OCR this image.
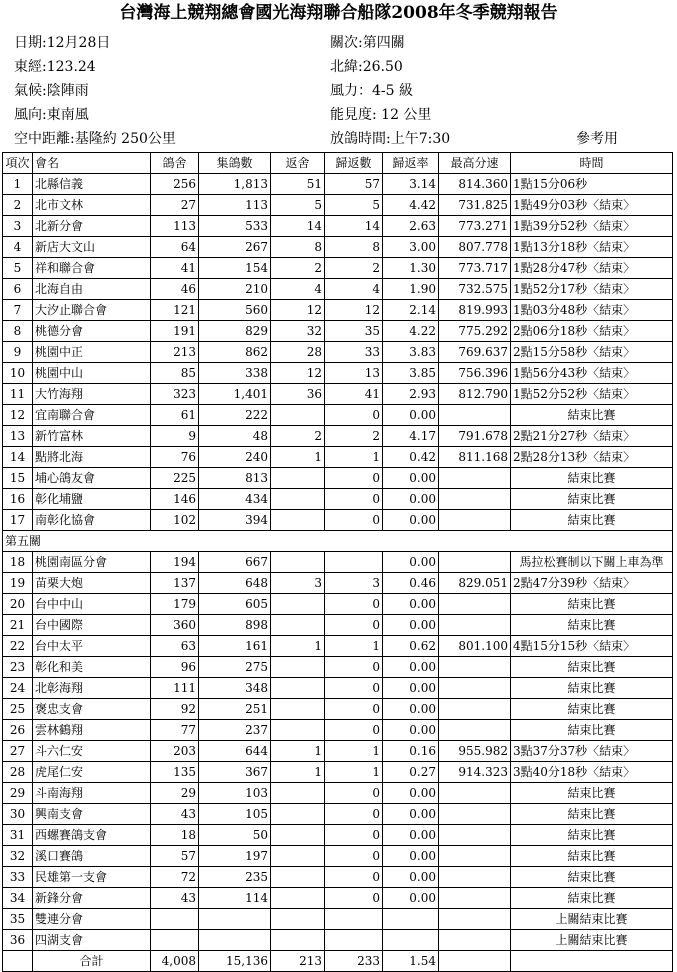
台灣海上競翔總會國光海翔聯合船隊2008年冬季競翔報告
日期:12月28日	關次:第四關
東經:123.24	北緯:26.50
氣候:陰陣雨	風力：4-5 級
風向:東南風	能見度: 12 公里
空中距離:基隆約 250公里	放鴿時間:上午7:30	參考用
項次	會名	鴿舍	集鴿數	返舍	歸返數	歸返率	最高分速	時間
1	北縣信義	256	1,813	51	57	3.14	814.360	1點15分06秒
2	北市文林	27	113	5	5	4.42	731.825	1點49分03秒〈結束〉
3	北新分會	113	533	14	14	2.63	773.271	1點39分52秒〈結束〉
4	新店大文山	64	267	8	8	3.00	807.778	1點13分18秒〈結束〉
5	祥和聯合會	41	154	2	2	1.30	773.717	1點28分47秒〈結束〉
6	北海自由	46	210	4	4	1.90	732.575	1點52分17秒〈結束〉
7	大汐止聯合會	121	560	12	12	2.14	819.993	1點03分48秒〈結束〉
8	桃德分會	191	829	32	35	4.22	775.292	2點06分18秒〈結束〉
9	桃園中正	213	862	28	33	3.83	769.637	2點15分58秒〈結束〉
10	桃園中山	85	338	12	13	3.85	756.396	1點56分43秒〈結束〉
11	大竹海翔	323	1,401	36	41	2.93	812.790	1點52分52秒〈結束〉
12	宜南聯合會	61	222		0	0.00		結束比賽
13	新竹富林	9	48	2	2	4.17	791.678	2點21分27秒〈結束〉
14	點將北海	76	240	1	1	0.42	811.168	2點28分13秒〈結束〉
15	埔心鴿友會	225	813		0	0.00		結束比賽
16	彰化埔鹽	146	434		0	0.00		結束比賽
17	南彰化協會	102	394		0	0.00		結束比賽
第五關								
18	桃園南區分會	194	667			0.00		馬拉松賽制以下關上車為準
19	苗栗大炮	137	648	3	3	0.46	829.051	2點47分39秒〈結束〉
20	台中中山	179	605		0	0.00		結束比賽
21	台中國際	360	898		0	0.00		結束比賽
22	台中太平	63	161	1	1	0.62	801.100	4點15分15秒〈結束〉
23	彰化和美	96	275		0	0.00		結束比賽
24	北彰海翔	111	348		0	0.00		結束比賽
25	褒忠支會	92	251		0	0.00		結束比賽
26	雲林鶴翔	77	237		0	0.00		結束比賽
27	斗六仁安	203	644	1	1	0.16	955.982	3點37分37秒〈結束〉
28	虎尾仁安	135	367	1	1	0.27	914.323	3點40分18秒〈結束〉
29	斗南海翔	29	103		0	0.00		結束比賽
30	興南支會	43	105		0	0.00		結束比賽
31	西螺賽鴿支會	18	50		0	0.00		結束比賽
32	溪口賽鴿	57	197		0	0.00		結束比賽
33	民雄第一支會	72	235		0	0.00		結束比賽
34	新鋒分會	43	114		0	0.00		結束比賽
35	雙連分會							上關結束比賽
36	四湖支會							上關結束比賽
	合計	4,008	15,136	213	233	1.54		
